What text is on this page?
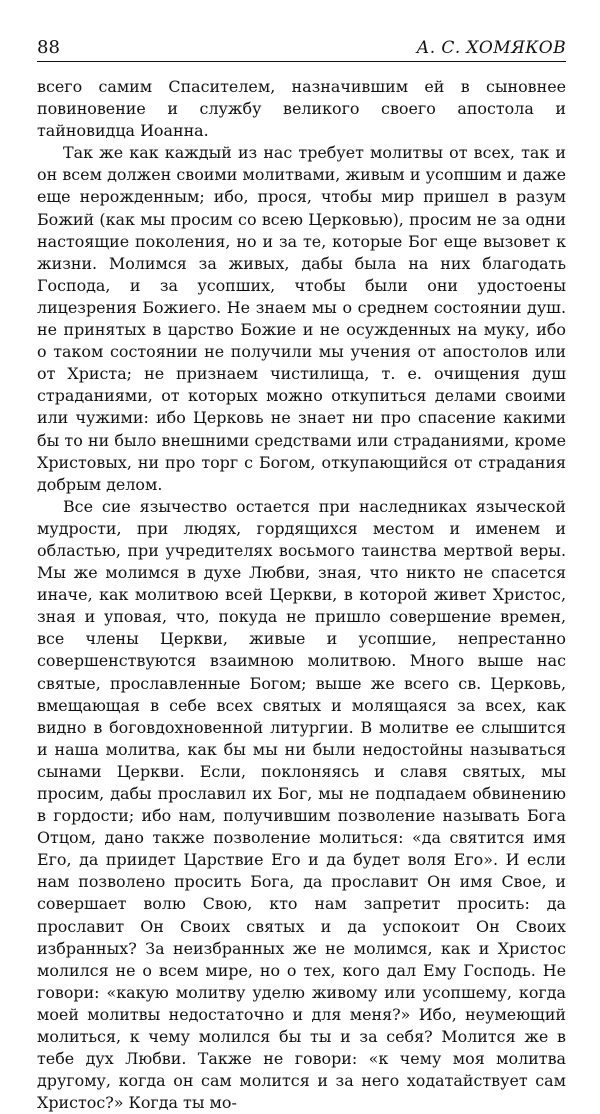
88	А. С. ХОМЯКОВ

всего самим Спасителем, назначившим ей в сыновнее повиновение и службу великого своего апостола и тайновидца Иоанна.

Так же как каждый из нас требует молитвы от всех, так и он всем должен своими молитвами, живым и усопшим и даже еще нерожденным; ибо, прося, чтобы мир пришел в разум Божий (как мы просим со всею Церковью), просим не за одни настоящие поколения, но и за те, которые Бог еще вызовет к жизни. Молимся за живых, дабы была на них благодать Господа, и за усопших, чтобы были они удостоены лицезрения Божиего. Не знаем мы о среднем состоянии душ. не принятых в царство Божие и не осужденных на муку, ибо о таком состоянии не получили мы учения от апостолов или от Христа; не признаем чистилища, т. е. очищения душ страданиями, от которых можно откупиться делами своими или чужими: ибо Церковь не знает ни про спасение какими бы то ни было внешними средствами или страданиями, кроме Христовых, ни про торг с Богом, откупающийся от страдания добрым делом.

Все сие язычество остается при наследниках языческой мудрости, при людях, гордящихся местом и именем и областью, при учредителях восьмого таинства мертвой веры. Мы же молимся в духе Любви, зная, что никто не спасется иначе, как молитвою всей Церкви, в которой живет Христос, зная и уповая, что, покуда не пришло совершение времен, все члены Церкви, живые и усопшие, непрестанно совершенствуются взаимною молитвою. Много выше нас святые, прославленные Богом; выше же всего св. Церковь, вмещающая в себе всех святых и молящаяся за всех, как видно в боговдохновенной литургии. В молитве ее слышится и наша молитва, как бы мы ни были недостойны называться сынами Церкви. Если, поклоняясь и славя святых, мы просим, дабы прославил их Бог, мы не подпадаем обвинению в гордости; ибо нам, получившим позволение называть Бога Отцом, дано также позволение молиться: «да святится имя Его, да приидет Царствие Его и да будет воля Его». И если нам позволено просить Бога, да прославит Он имя Свое, и совершает волю Свою, кто нам запретит просить: да прославит Он Своих святых и да успокоит Он Своих избранных? За неизбранных же не молимся, как и Христос молился не о всем мире, но о тех, кого дал Ему Господь. Не говори: «какую молитву уделю живому или усопшему, когда моей молитвы недостаточно и для меня?» Ибо, неумеющий молиться, к чему молился бы ты и за себя? Молится же в тебе дух Любви. Также не говори: «к чему моя молитва другому, когда он сам молится и за него ходатайствует сам Христос?» Когда ты мо-
